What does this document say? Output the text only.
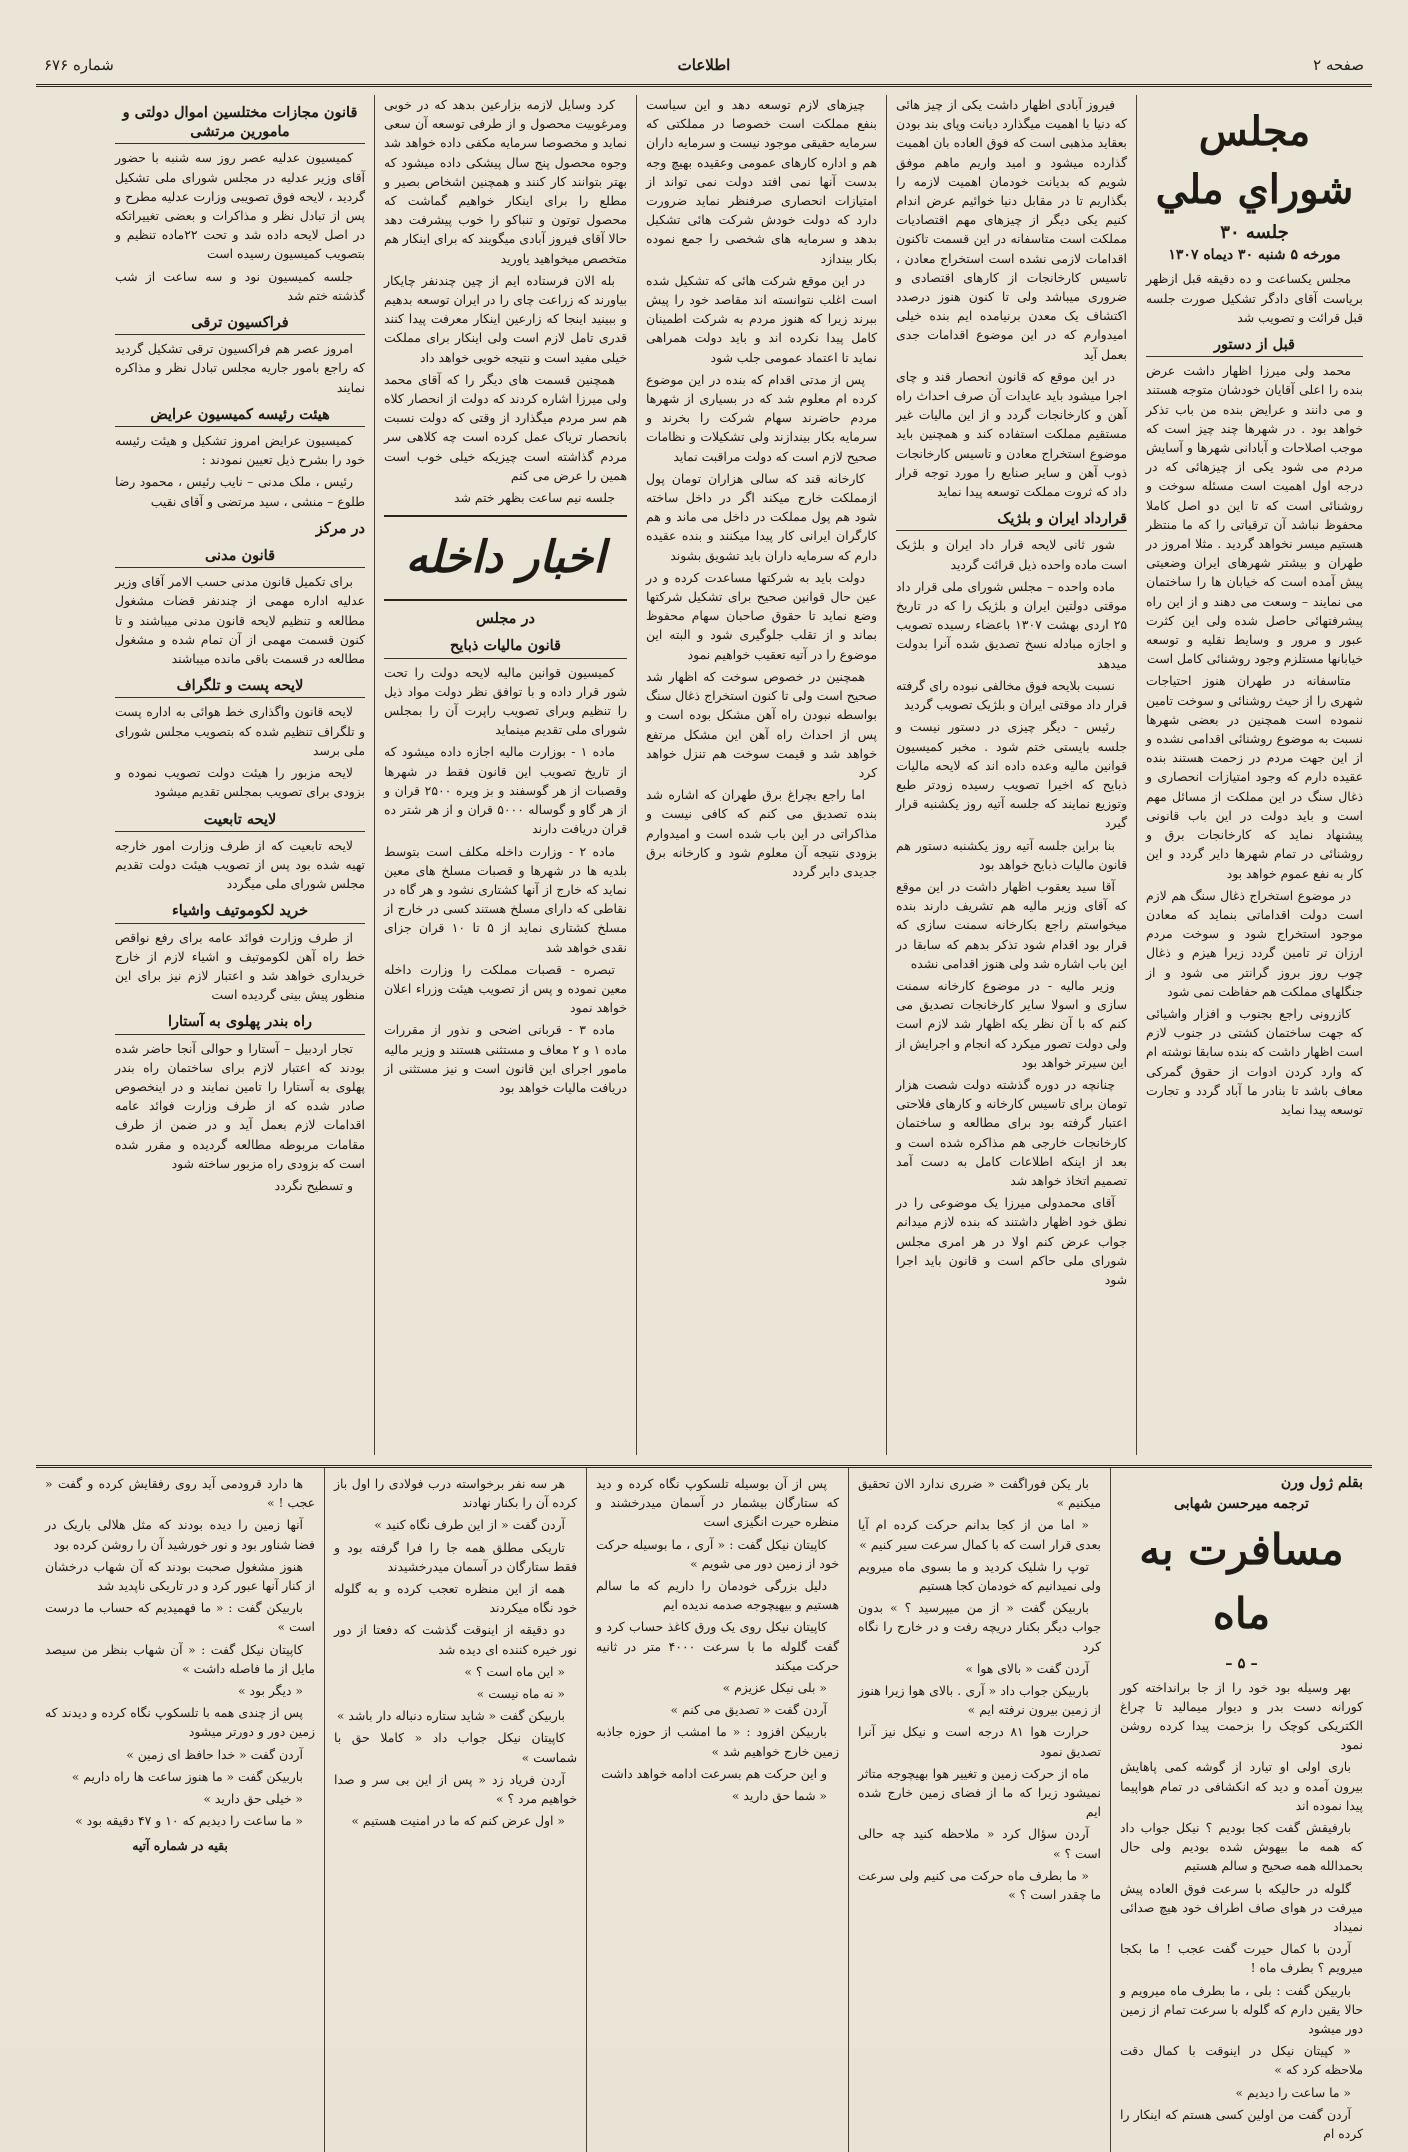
شماره ۶۷۶	اطلاعات	صفحه ۲
مجلس شوراي ملي
جلسه ۳۰
مورخه ۵ شنبه ۳۰ دیماه ۱۳۰۷
مجلس یکساعت و ده دقیقه قبل ازظهر بریاست آقای دادگر تشکیل صورت جلسه قبل قرائت و تصویب شد
قبل از دستور
محمد ولی میرزا اظهار داشت عرض بنده را اعلی آقایان خودشان متوجه هستند و می دانند و عرایض بنده من باب تذکر خواهد بود . در شهرها چند چیز است که موجب اصلاحات و آبادانی شهرها و آسایش مردم می شود یکی از چیزهائی که در درجه اول اهمیت است مسئله سوخت و روشنائی است که تا این دو اصل کاملا محفوظ نباشد آن ترقیاتی را که ما منتظر هستیم میسر نخواهد گردید . مثلا امروز در طهران و بیشتر شهرهای ایران وضعیتی پیش آمده است که خیابان ها را ساختمان می نمایند – وسعت می دهند و از این راه پیشرفتهائی حاصل شده ولی این کثرت عبور و مرور و وسایط نقلیه و توسعه خیابانها مستلزم وجود روشنائی کامل است
متاسفانه در طهران هنوز احتیاجات شهری را از حیث روشنائی و سوخت تامین ننموده است همچنین در بعضی شهرها نسبت به موضوع روشنائی اقدامی نشده و از این جهت مردم در زحمت هستند بنده عقیده دارم که وجود امتیازات انحصاری و ذغال سنگ در این مملکت از مسائل مهم است و باید دولت در این باب قانونی پیشنهاد نماید که کارخانجات برق و روشنائی در تمام شهرها دایر گردد و این کار به نفع عموم خواهد بود
در موضوع استخراج ذغال سنگ هم لازم است دولت اقداماتی بنماید که معادن موجود استخراج شود و سوخت مردم ارزان تر تامین گردد زیرا هیزم و ذغال چوب روز بروز گرانتر می شود و از جنگلهای مملکت هم حفاظت نمی شود
کازرونی راجع بجنوب و افزار واشیائی که جهت ساختمان کشتی در جنوب لازم است اظهار داشت که بنده سابقا نوشته ام که وارد کردن ادوات از حقوق گمرکی معاف باشد تا بنادر ما آباد گردد و تجارت توسعه پیدا نماید
فیروز آبادی اظهار داشت یکی از چیز هائی که دنیا با اهمیت میگذارد دیانت وپای بند بودن بعقاید مذهبی است که فوق العاده بان اهمیت گذارده میشود و امید واریم ماهم موفق شویم که بدیانت خودمان اهمیت لازمه را بگذاریم تا در مقابل دنیا خوائیم عرض اندام کنیم یکی دیگر از چیزهای مهم اقتصادیات مملکت است متاسفانه در این قسمت تاکنون اقدامات لازمی نشده است استخراج معادن ، تاسیس کارخانجات از کارهای اقتصادی و ضروری میباشد ولی تا کنون هنوز درصدد اکتشاف یک معدن برنیامده ایم بنده خیلی امیدوارم که در این موضوع اقدامات جدی بعمل آید
در این موقع که قانون انحصار قند و چای اجرا میشود باید عایدات آن صرف احداث راه آهن و کارخانجات گردد و از این مالیات غیر مستقیم مملکت استفاده کند و همچنین باید موضوع استخراج معادن و تاسیس کارخانجات ذوب آهن و سایر صنایع را مورد توجه قرار داد که ثروت مملکت توسعه پیدا نماید
قرارداد ایران و بلژیک
شور ثانی لایحه قرار داد ایران و بلژیک است ماده واحده ذیل قرائت گردید
ماده واحده – مجلس شورای ملی قرار داد موقتی دولتین ایران و بلژیک را که در تاریخ ۲۵ اردی بهشت ۱۳۰۷ باعضاء رسیده تصویب و اجازه مبادله نسخ تصدیق شده آنرا بدولت میدهد
نسبت بلایحه فوق مخالفی نبوده رای گرفته قرار داد موقتی ایران و بلژیک تصویب گردید
رئیس - دیگر چیزی در دستور نیست و جلسه بایستی ختم شود . مخبر کمیسیون قوانین مالیه وعده داده اند که لایحه مالیات ذبایح که اخیرا تصویب رسیده زودتر طبع وتوزیع نمایند که جلسه آتیه روز یکشنبه قرار گیرد
بنا براین جلسه آتیه روز یکشنبه دستور هم قانون مالیات ذبایح خواهد بود
آقا سید یعقوب اظهار داشت در این موقع که آقای وزیر مالیه هم تشریف دارند بنده میخواستم راجع بکارخانه سمنت سازی که قرار بود اقدام شود تذکر بدهم که سابقا در این باب اشاره شد ولی هنوز اقدامی نشده
وزیر مالیه - در موضوع کارخانه سمنت سازی و اسولا ساير کارخانجات تصدیق می کنم که با آن نظر یکه اظهار شد لازم است ولی دولت تصور میکرد که انجام و اجرایش از این سیرتر خواهد بود
چنانچه در دوره گذشته دولت شصت هزار تومان برای تاسیس کارخانه و کارهای فلاحتی اعتبار گرفته بود برای مطالعه و ساختمان کارخانجات خارجی هم مذاکره شده است و بعد از اینکه اطلاعات کامل به دست آمد تصمیم اتخاذ خواهد شد
آقای محمدولی میرزا یک موضوعی را در نطق خود اظهار داشتند که بنده لازم میدانم جواب عرض کنم اولا در هر امری مجلس شورای ملی حاکم است و قانون باید اجرا شود
چیزهای لازم توسعه دهد و این سیاست بنفع مملکت است خصوصا در مملکتی که سرمایه حقیقی موجود نیست و سرمایه داران هم و اداره کارهای عمومی وعقیده بهیچ وجه بدست آنها نمی افتد دولت نمی تواند از امتیازات انحصاری صرفنظر نماید ضرورت دارد که دولت خودش شرکت هائی تشکیل بدهد و سرمایه های شخصی را جمع نموده بکار بیندازد
در این موقع شرکت هائی که تشکیل شده است اغلب نتوانسته اند مقاصد خود را پیش ببرند زیرا که هنوز مردم به شرکت اطمینان کامل پیدا نکرده اند و باید دولت همراهی نماید تا اعتماد عمومی جلب شود
پس از مدتی اقدام که بنده در این موضوع کرده ام معلوم شد که در بسیاری از شهرها مردم حاضرند سهام شرکت را بخرند و سرمایه بکار بیندازند ولی تشکیلات و نظامات صحیح لازم است که دولت مراقبت نماید
کارخانه قند که سالی هزاران تومان پول ازمملکت خارج میکند اگر در داخل ساخته شود هم پول مملکت در داخل می ماند و هم کارگران ایرانی کار پیدا میکنند و بنده عقیده دارم که سرمایه داران باید تشویق بشوند
دولت باید به شرکتها مساعدت کرده و در عین حال قوانین صحیح برای تشکیل شرکتها وضع نماید تا حقوق صاحبان سهام محفوظ بماند و از تقلب جلوگیری شود و البته این موضوع را در آتیه تعقیب خواهیم نمود
همچنین در خصوص سوخت که اظهار شد صحیح است ولی تا کنون استخراج ذغال سنگ بواسطه نبودن راه آهن مشکل بوده است و پس از احداث راه آهن این مشکل مرتفع خواهد شد و قیمت سوخت هم تنزل خواهد کرد
اما راجع بچراغ برق طهران که اشاره شد بنده تصدیق می کنم که کافی نیست و مذاکراتی در این باب شده است و امیدوارم بزودی نتیجه آن معلوم شود و کارخانه برق جدیدی دایر گردد
کرد وسایل لازمه بزارعین بدهد که در خوبی ومرغوبیت محصول و از طرفی توسعه آن سعی نماید و مخصوصا سرمایه مکفی داده خواهد شد وجوه محصول پنج سال پیشکی داده میشود که بهتر بتوانند کار کنند و همچنین اشخاص بصیر و مطلع را برای اینکار خواهیم گماشت که محصول توتون و تنباکو را خوب پیشرفت دهد حالا آقای فیروز آبادی میگویند که برای اینکار هم متخصص میخواهید یاورید
بله الان فرستاده ایم از چین چندنفر چایکار بیاورند که زراعت چای را در ایران توسعه بدهیم و ببینید اینجا که زارعین اینکار معرفت پیدا کنند قدری تامل لازم است ولی اینکار برای مملکت خیلی مفید است و نتیجه خوبی خواهد داد
همچنین قسمت های دیگر را که آقای محمد ولی میرزا اشاره کردند که دولت از انحصار کلاه هم سر مردم میگذارد از وقتی که دولت نسبت بانحصار تریاک عمل کرده است چه کلاهی سر مردم گذاشته است چیزیکه خیلی خوب است همین را عرض می کنم
جلسه نیم ساعت بظهر ختم شد
اخبار داخله
در مجلس
قانون مالیات ذبایح
کمیسیون قوانین مالیه لایحه دولت را تحت شور قرار داده و با توافق نظر دولت مواد ذیل را تنظیم وبرای تصویب راپرت آن را بمجلس شورای ملی تقدیم مینماید
ماده ۱ - بوزارت مالیه اجازه داده میشود که از تاریخ تصویب این قانون فقط در شهرها وقصبات از هر گوسفند و بز ویره ۲۵۰۰ قران و از هر گاو و گوساله ۵۰۰۰ قران و از هر شتر ده قران دریافت دارند
ماده ۲ - وزارت داخله مکلف است بتوسط بلدیه ها در شهرها و قصبات مسلخ های معین نماید که خارج از آنها کشتاری نشود و هر گاه در نقاطی که دارای مسلخ هستند کسی در خارج از مسلخ کشتاری نماید از ۵ تا ۱۰ قران جزای نقدی خواهد شد
تبصره - قصبات مملکت را وزارت داخله معین نموده و پس از تصویب هیئت وزراء اعلان خواهد نمود
ماده ۳ - قربانی اضحی و نذور از مقررات ماده ۱ و ۲ معاف و مستثنی هستند و وزیر مالیه مامور اجرای این قانون است و نیز مستثنی از دریافت مالیات خواهد بود
قانون مجازات مختلسین اموال دولتی و مامورین مرتشی
کمیسیون عدلیه عصر روز سه شنبه با حضور آقای وزیر عدلیه در مجلس شورای ملی تشکیل گردید ، لایحه فوق تصویبی وزارت عدلیه مطرح و پس از تبادل نظر و مذاکرات و بعضی تغییراتکه در اصل لایحه داده شد و تحت ۲۲ماده تنظیم و بتصویب کمیسیون رسیده است
جلسه کمیسیون نود و سه ساعت از شب گذشته ختم شد
فراکسیون ترقی
امروز عصر هم فراکسیون ترقی تشکیل گردید که راجع بامور جاریه مجلس تبادل نظر و مذاکره نمایند
هیئت رئیسه کمیسیون عرایض
کمیسیون عرایض امروز تشکیل و هیئت رئیسه خود را بشرح ذیل تعیین نمودند :
رئیس ، ملک مدنی – نایب رئیس ، محمود رضا طلوع – منشی ، سید مرتضی و آقای نقیب
در مرکز
قانون مدنی
برای تکمیل قانون مدنی حسب الامر آقای وزیر عدلیه اداره مهمی از چندنفر قضات مشغول مطالعه و تنظیم لایحه قانون مدنی میباشند و تا کنون قسمت مهمی از آن تمام شده و مشغول مطالعه در قسمت باقی مانده میباشند
لایحه پست و تلگراف
لایحه قانون واگذاری خط هوائی به اداره پست و تلگراف تنظیم شده که بتصویب مجلس شورای ملی برسد
لایحه مزبور را هیئت دولت تصویب نموده و بزودی برای تصویب بمجلس تقدیم میشود
لایحه تابعیت
لایحه تابعیت که از طرف وزارت امور خارجه تهیه شده بود پس از تصویب هیئت دولت تقدیم مجلس شورای ملی میگردد
خرید لکوموتیف واشیاء
از طرف وزارت فوائد عامه برای رفع نواقص خط راه آهن لکوموتیف و اشیاء لازم از خارج خریداری خواهد شد و اعتبار لازم نیز برای این منظور پیش بینی گردیده است
راه بندر پهلوی به آستارا
تجار اردبیل – آستارا و حوالی آنجا حاضر شده بودند که اعتبار لازم برای ساختمان راه بندر پهلوی به آستارا را تامین نمایند و در اینخصوص صادر شده که از طرف وزارت فوائد عامه اقدامات لازم بعمل آید و در ضمن از طرف مقامات مربوطه مطالعه گردیده و مقرر شده است که بزودی راه مزبور ساخته شود
و تسطیح نگردد
بقلم ژول ورن
ترجمه میرحسن شهابی
مسافرت به ماه
– ۵ –
بهر وسیله بود خود را از جا برانداخته کور کورانه دست بدر و دیوار میمالید تا چراغ الکتریکی کوچک را بزحمت پیدا کرده روشن نمود
باری اولی او تیارد از گوشه کمی پاهایش بیرون آمده و دید که انکشافی در تمام هواپیما پیدا نموده اند
بارفیقش گفت کجا بودیم ؟ نیکل جواب داد که همه ما بیهوش شده بودیم ولی حال بحمدالله همه صحیح و سالم هستیم
گلوله در حالیکه با سرعت فوق العاده پیش میرفت در هوای صاف اطراف خود هیچ صدائی نمیداد
آردن با کمال حیرت گفت عجب ! ما بکجا میرویم ؟ بطرف ماه !
باربیکن گفت : بلی ، ما بطرف ماه میرویم و حالا یقین دارم که گلوله با سرعت تمام از زمین دور میشود
« کپیتان نیکل در اینوقت با کمال دقت ملاحظه کرد که »
« ما ساعت را دیدیم »
آردن گفت من اولین کسی هستم که اینکار را کرده ام
بار یکن فوراگفت « ضرری ندارد الان تحقیق میکنیم »
« اما من از کجا بدانم حرکت کرده ام آیا بعدی قرار است که با کمال سرعت سیر کنیم »
توپ را شلیک کردید و ما بسوی ماه میرویم ولی نمیدانیم که خودمان کجا هستیم
باربیکن گفت « از من میپرسید ؟ » بدون جواب دیگر بکنار دریچه رفت و در خارج را نگاه کرد
آردن گفت « بالای هوا »
باربیکن جواب داد « آری . بالای هوا زیرا هنوز از زمین بیرون نرفته ایم »
حرارت هوا ۸۱ درجه است و نیکل نیز آنرا تصدیق نمود
ماه از حرکت زمین و تغییر هوا بهیچوجه متاثر نمیشود زیرا که ما از فضای زمین خارج شده ایم
آردن سؤال کرد « ملاحظه کنید چه حالی است ؟ »
« ما بطرف ماه حرکت می کنیم ولی سرعت ما چقدر است ؟ »
پس از آن بوسیله تلسکوپ نگاه کرده و دید که ستارگان بیشمار در آسمان میدرخشند و منظره حیرت انگیزی است
کاپیتان نیکل گفت : « آری ، ما بوسیله حرکت خود از زمین دور می شویم »
دلیل بزرگی خودمان را داریم که ما سالم هستیم و بیهیچوجه صدمه ندیده ایم
کاپیتان نیکل روی یک ورق کاغذ حساب کرد و گفت گلوله ما با سرعت ۴۰۰۰ متر در ثانیه حرکت میکند
« بلی نیکل عزیزم »
آردن گفت « تصدیق می کنم »
باربیکن افزود : « ما امشب از حوزه جاذبه زمین خارج خواهیم شد »
و این حرکت هم بسرعت ادامه خواهد داشت
« شما حق دارید »
هر سه نفر برخواسته درب فولادی را اول باز کرده آن را بکنار نهادند
آردن گفت « از این طرف نگاه کنید »
تاریکی مطلق همه جا را فرا گرفته بود و فقط ستارگان در آسمان میدرخشیدند
همه از این منظره تعجب کرده و به گلوله خود نگاه میکردند
دو دقیقه از اینوقت گذشت که دفعتا از دور نور خیره کننده ای دیده شد
« این ماه است ؟ »
« نه ماه نیست »
باربیکن گفت « شاید ستاره دنباله دار باشد »
کاپیتان نیکل جواب داد « کاملا حق با شماست »
آردن فریاد زد « پس از این بی سر و صدا خواهیم مرد ؟ »
« اول عرض کنم که ما در امنیت هستیم »
ها دارد قرودمی آید روی رفقایش کرده و گفت « عجب ! »
آنها زمین را دیده بودند که مثل هلالی باریک در فضا شناور بود و نور خورشید آن را روشن کرده بود
هنوز مشغول صحبت بودند که آن شهاب درخشان از کنار آنها عبور کرد و در تاریکی ناپدید شد
باربیکن گفت : « ما فهمیدیم که حساب ما درست است »
کاپیتان نیکل گفت : « آن شهاب بنظر من سیصد مایل از ما فاصله داشت »
« دیگر بود »
پس از چندی همه با تلسکوپ نگاه کرده و دیدند که زمین دور و دورتر میشود
آردن گفت « خدا حافظ ای زمین »
باربیکن گفت « ما هنوز ساعت ها راه داریم »
« خیلی حق دارید »
« ما ساعت را دیدیم که ۱۰ و ۴۷ دقیقه بود »
بقیه در شماره آتیه
